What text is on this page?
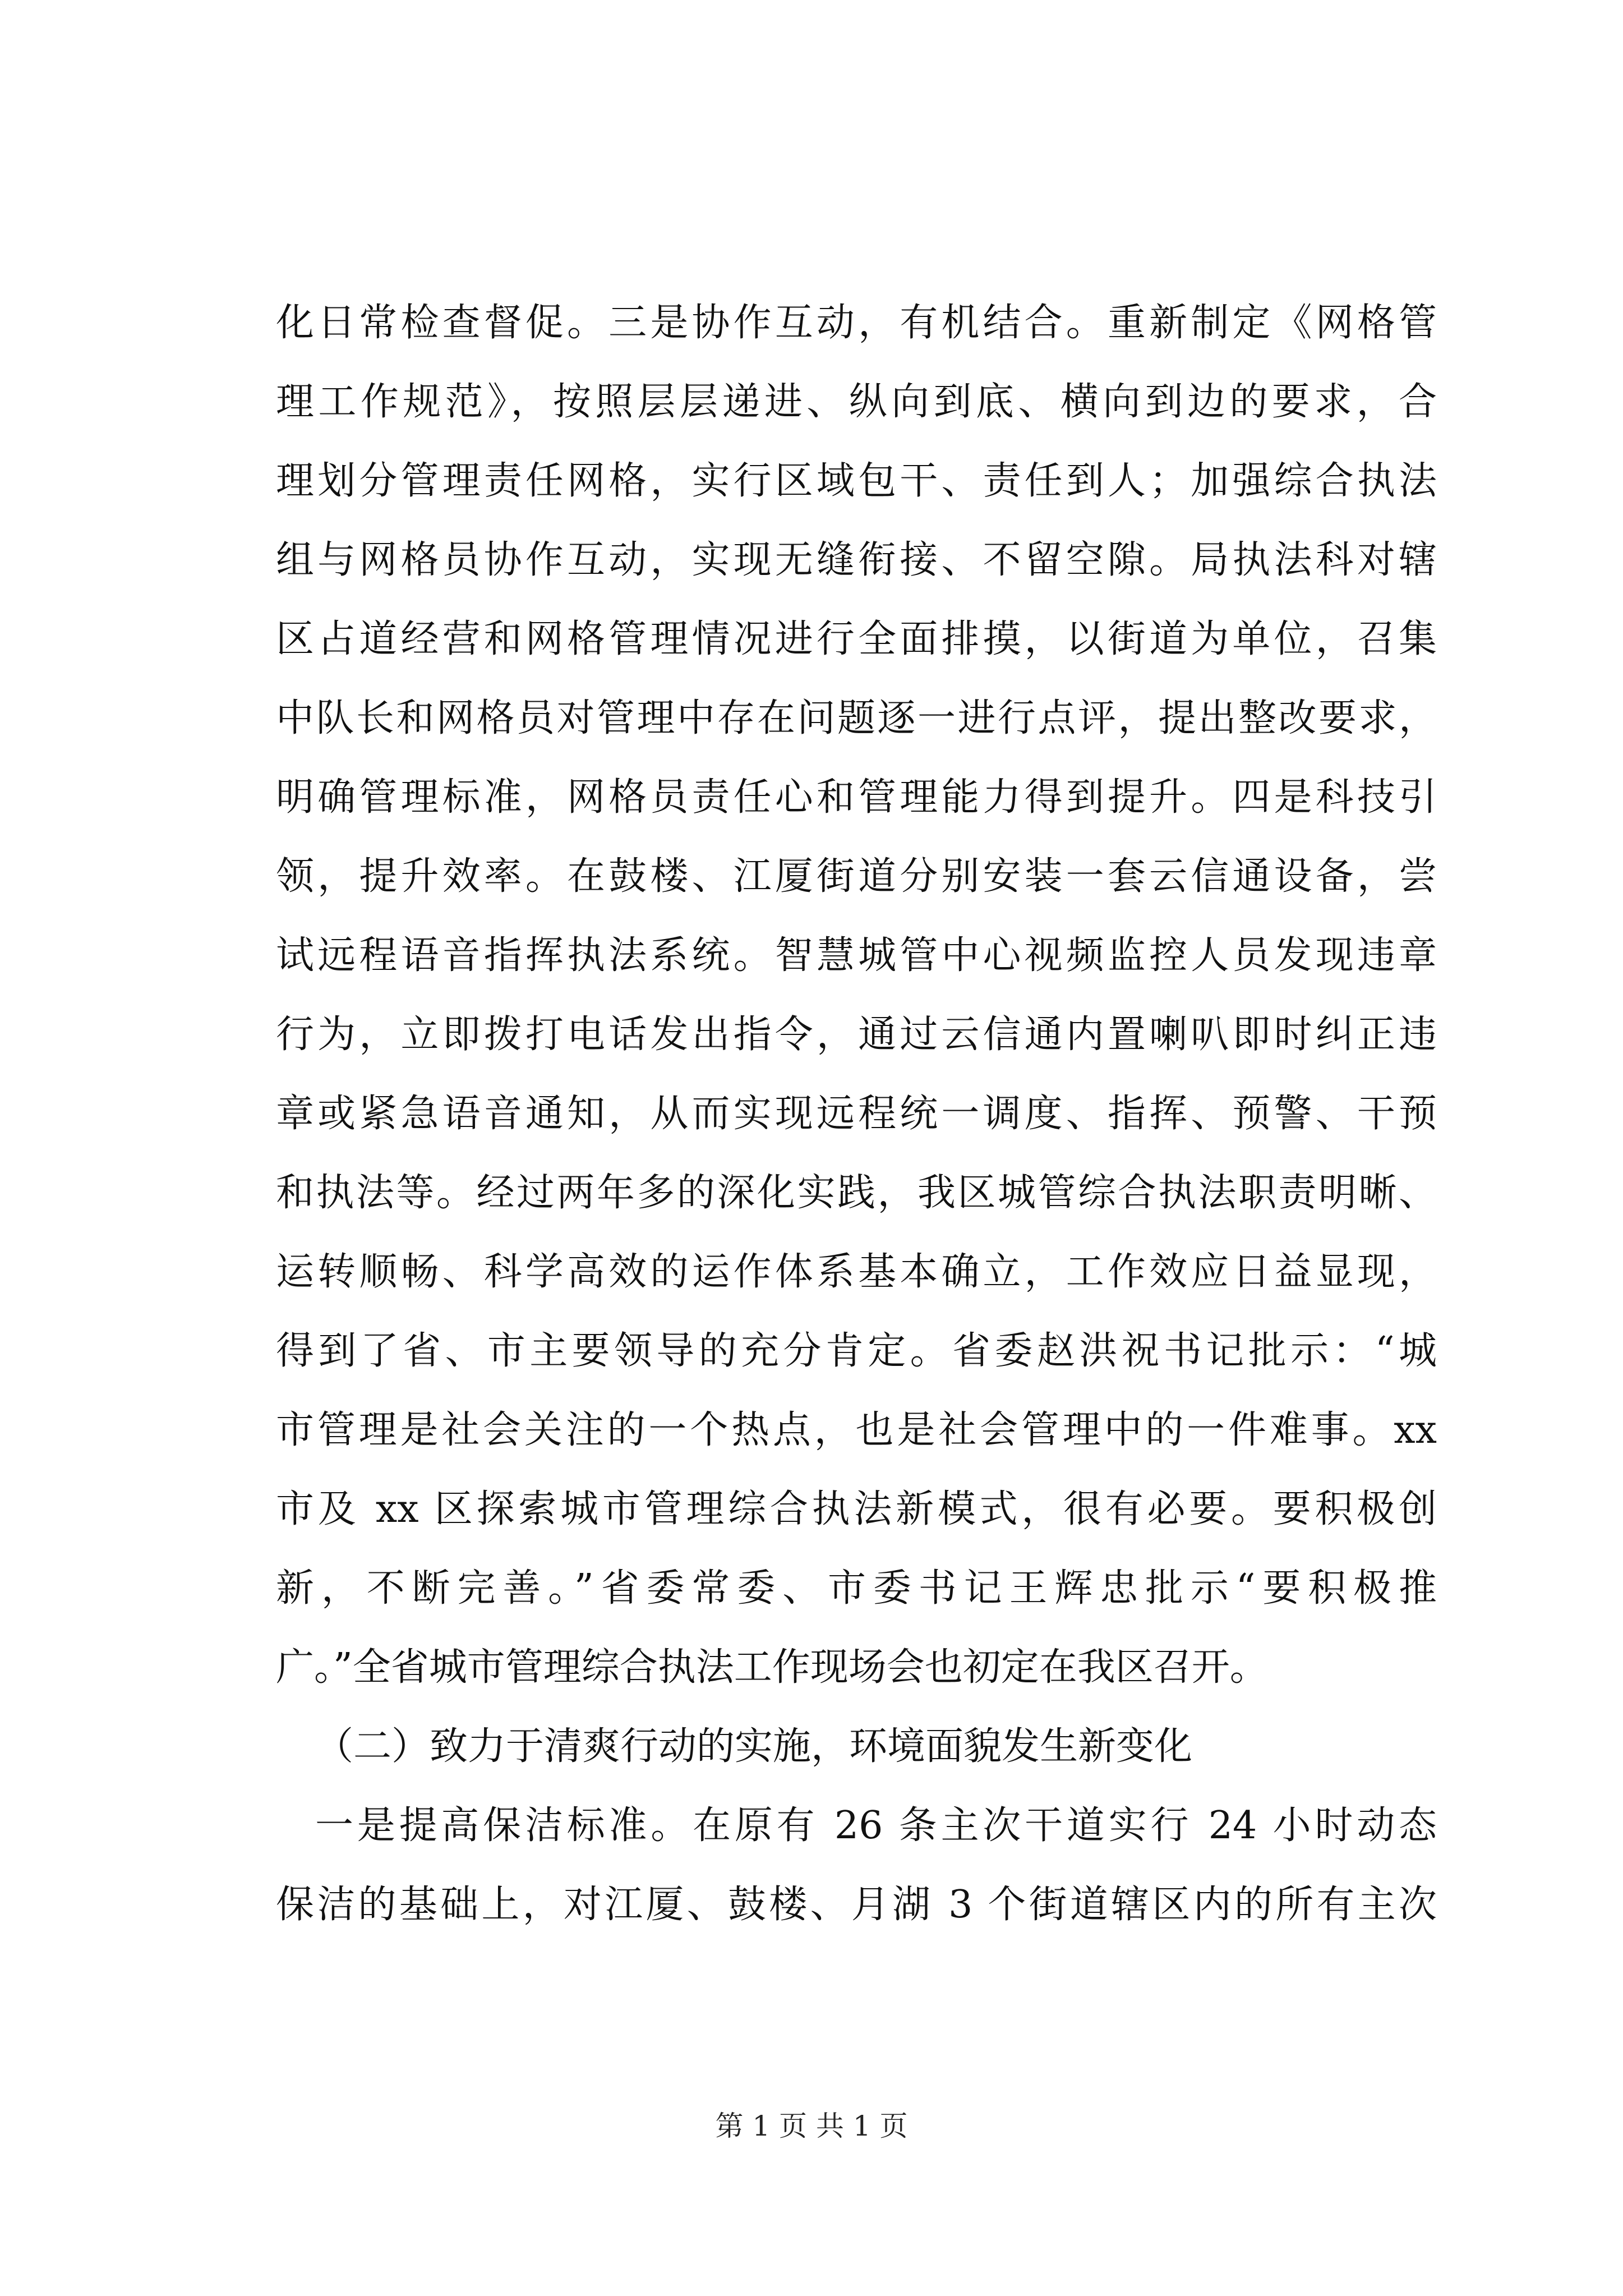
化日常检查督促。三是协作互动，有机结合。重新制定《网格管
理工作规范》，按照层层递进、纵向到底、横向到边的要求，合
理划分管理责任网格，实行区域包干、责任到人；加强综合执法
组与网格员协作互动，实现无缝衔接、不留空隙。局执法科对辖
区占道经营和网格管理情况进行全面排摸，以街道为单位，召集
中队长和网格员对管理中存在问题逐一进行点评，提出整改要求，
明确管理标准，网格员责任心和管理能力得到提升。四是科技引
领，提升效率。在鼓楼、江厦街道分别安装一套云信通设备，尝
试远程语音指挥执法系统。智慧城管中心视频监控人员发现违章
行为，立即拨打电话发出指令，通过云信通内置喇叭即时纠正违
章或紧急语音通知，从而实现远程统一调度、指挥、预警、干预
和执法等。经过两年多的深化实践，我区城管综合执法职责明晰、
运转顺畅、科学高效的运作体系基本确立，工作效应日益显现，
得到了省、市主要领导的充分肯定。省委赵洪祝书记批示：“城
市管理是社会关注的一个热点，也是社会管理中的一件难事。xx
市及 xx 区探索城市管理综合执法新模式，很有必要。要积极创
新，不断完善。”省委常委、市委书记王辉忠批示“要积极推
广。”全省城市管理综合执法工作现场会也初定在我区召开。
（二）致力于清爽行动的实施，环境面貌发生新变化
一是提高保洁标准。在原有 26 条主次干道实行 24 小时动态
保洁的基础上，对江厦、鼓楼、月湖 3 个街道辖区内的所有主次
第 1 页 共 1 页
